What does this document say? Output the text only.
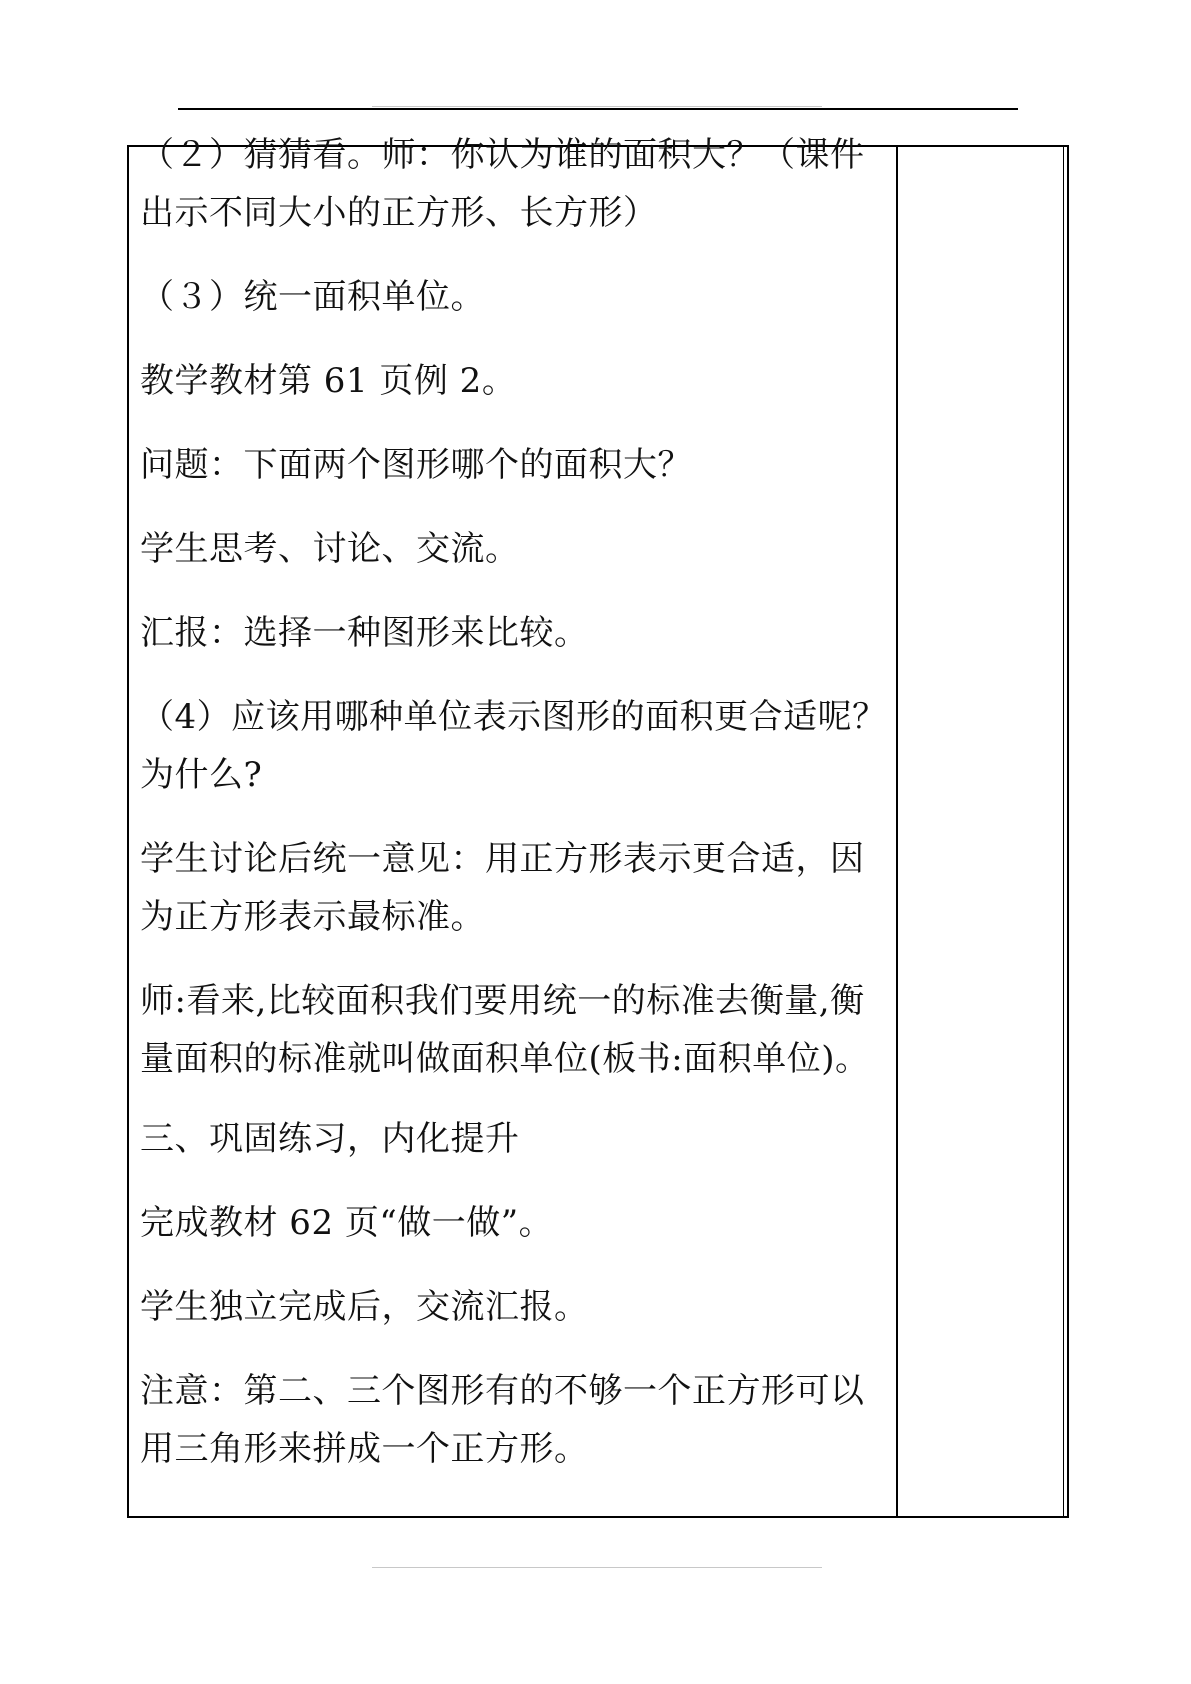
（２）猜猜看。师：你认为谁的面积大？（课件出示不同大小的正方形、长方形）

（３）统一面积单位。

教学教材第 61 页例 2。

问题：下面两个图形哪个的面积大？

学生思考、讨论、交流。

汇报：选择一种图形来比较。

（4）应该用哪种单位表示图形的面积更合适呢？为什么?

学生讨论后统一意见：用正方形表示更合适，因为正方形表示最标准。

师:看来,比较面积我们要用统一的标准去衡量,衡量面积的标准就叫做面积单位(板书:面积单位)。

三、巩固练习，内化提升

完成教材 62 页“做一做”。

学生独立完成后，交流汇报。

注意：第二、三个图形有的不够一个正方形可以用三角形来拼成一个正方形。
